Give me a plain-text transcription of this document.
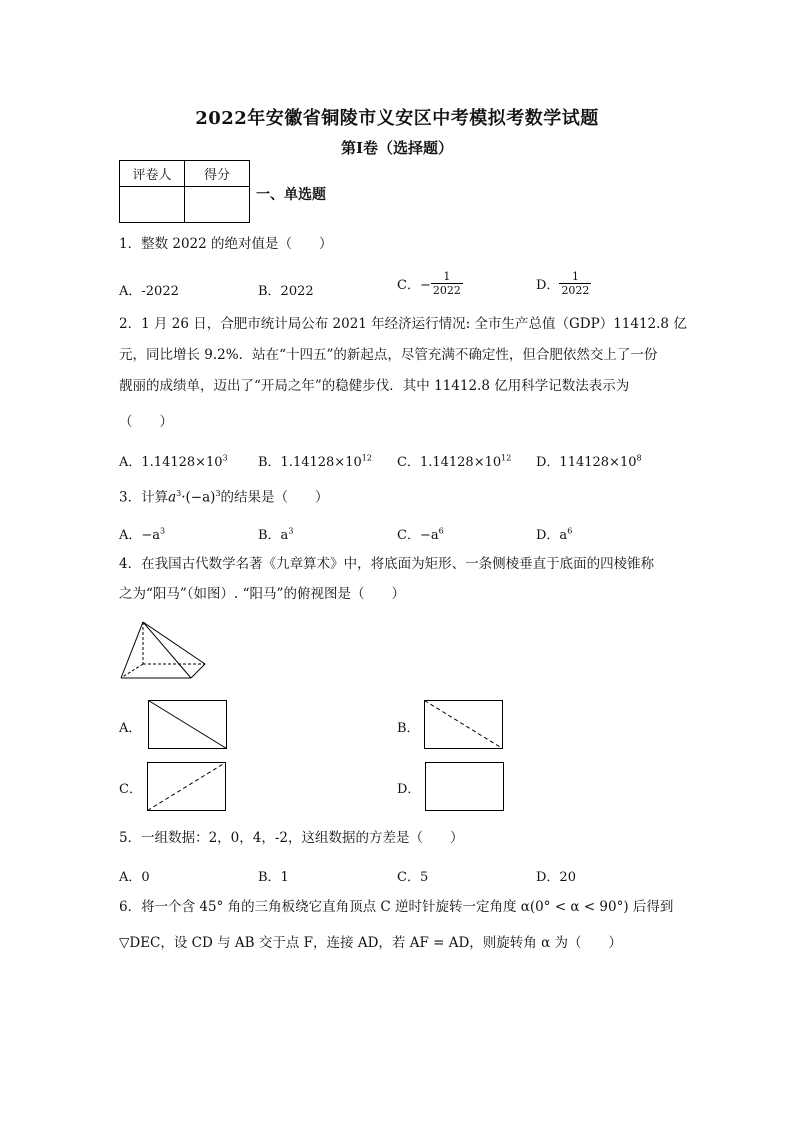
2022年安徽省铜陵市义安区中考模拟考数学试题
第I卷（选择题）
评卷人	得分

一、单选题
1．整数 2022 的绝对值是（　　）
A．-2022	B．2022	C．− $\frac{1}{2022}$	D． $\frac{1}{2022}$
2．1 月 26 日，合肥市统计局公布 2021 年经济运行情况: 全市生产总值（GDP）11412.8 亿
元，同比增长 9.2%．站在“十四五”的新起点，尽管充满不确定性，但合肥依然交上了一份
靓丽的成绩单，迈出了“开局之年”的稳健步伐．其中 11412.8 亿用科学记数法表示为
（　　）
A．$1.14128\times 10^3$ B．$1.14128\times 10^{12}$ C．$1.14128\times 10^{12}$ D．$114128\times 10^8$
3．计算$a^3\cdot(-a)^3$的结果是（　　）
A．$-a^3$	B．$a^3$	C．$-a^6$	D．$a^6$
4．在我国古代数学名著《九章算术》中，将底面为矩形、一条侧棱垂直于底面的四棱锥称
之为“阳马”（如图）. “阳马”的俯视图是（　　）
A．	B．
C．	D．
5．一组数据：2，0，4，-2，这组数据的方差是（　　）
A．0	B．1	C．5	D．20
6．将一个含 45° 角的三角板绕它直角顶点 C 逆时针旋转一定角度 α(0° < α < 90°) 后得到
▽DEC，设 CD 与 AB 交于点 F，连接 AD，若 AF = AD，则旋转角 α 为（　　）
